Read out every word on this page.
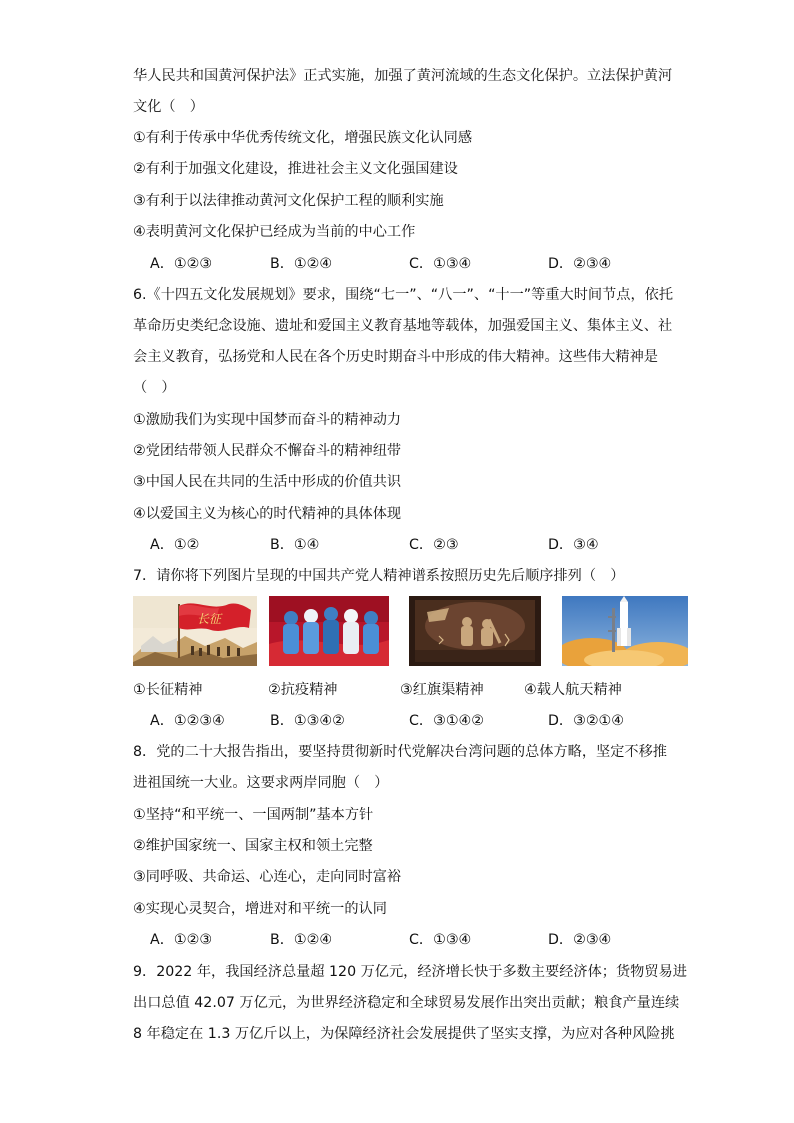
华人民共和国黄河保护法》正式实施，加强了黄河流域的生态文化保护。立法保护黄河
文化（　）
①有利于传承中华优秀传统文化，增强民族文化认同感
②有利于加强文化建设，推进社会主义文化强国建设
③有利于以法律推动黄河文化保护工程的顺利实施
④表明黄河文化保护已经成为当前的中心工作
A．①②③	B．①②④	C．①③④	D．②③④
6.《十四五文化发展规划》要求，围绕“七一”、“八一”、“十一”等重大时间节点，依托
革命历史类纪念设施、遗址和爱国主义教育基地等载体，加强爱国主义、集体主义、社
会主义教育，弘扬党和人民在各个历史时期奋斗中形成的伟大精神。这些伟大精神是
（　）
①激励我们为实现中国梦而奋斗的精神动力
②党团结带领人民群众不懈奋斗的精神纽带
③中国人民在共同的生活中形成的价值共识
④以爱国主义为核心的时代精神的具体体现
A．①②	B．①④	C．②③	D．③④
7．请你将下列图片呈现的中国共产党人精神谱系按照历史先后顺序排列（　）
长征
①长征精神	②抗疫精神	③红旗渠精神	④载人航天精神
A．①②③④	B．①③④②	C．③①④②	D．③②①④
8．党的二十大报告指出，要坚持贯彻新时代党解决台湾问题的总体方略，坚定不移推
进祖国统一大业。这要求两岸同胞（　）
①坚持“和平统一、一国两制”基本方针
②维护国家统一、国家主权和领土完整
③同呼吸、共命运、心连心，走向同时富裕
④实现心灵契合，增进对和平统一的认同
A．①②③	B．①②④	C．①③④	D．②③④
9．2022 年，我国经济总量超 120 万亿元，经济增长快于多数主要经济体；货物贸易进
出口总值 42.07 万亿元，为世界经济稳定和全球贸易发展作出突出贡献；粮食产量连续
8 年稳定在 1.3 万亿斤以上，为保障经济社会发展提供了坚实支撑，为应对各种风险挑
